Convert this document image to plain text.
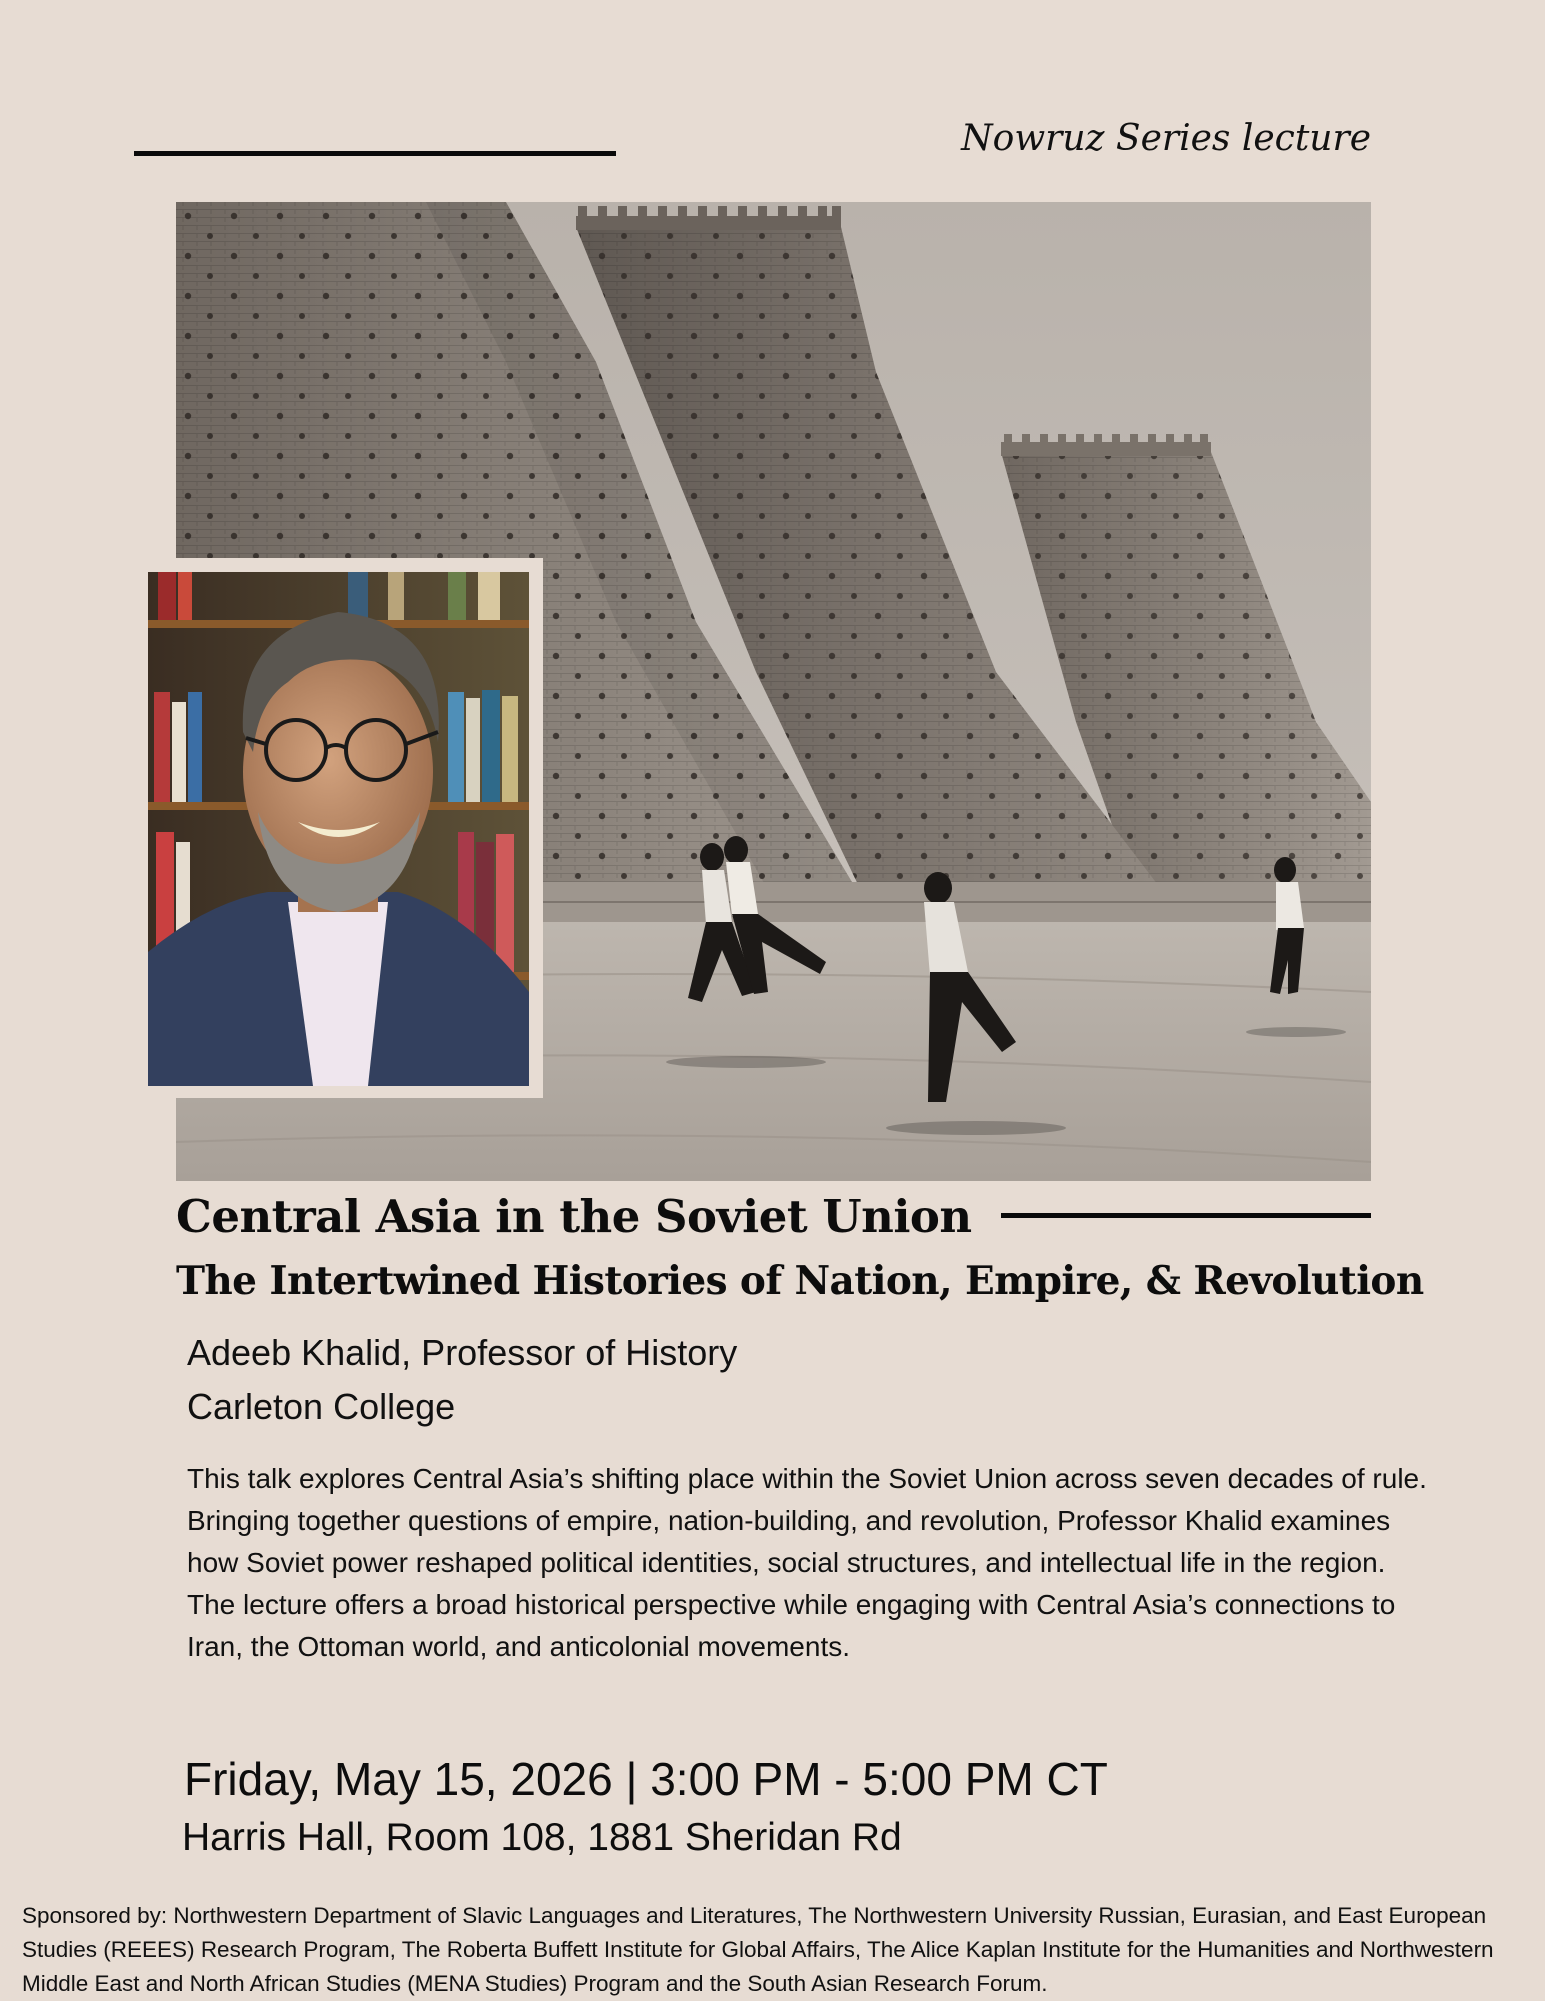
Nowruz Series lecture
Central Asia in the Soviet Union
The Intertwined Histories of Nation, Empire, & Revolution
Adeeb Khalid, Professor of History
Carleton College

This talk explores Central Asia’s shifting place within the Soviet Union across seven decades of rule. Bringing together questions of empire, nation-building, and revolution, Professor Khalid examines how Soviet power reshaped political identities, social structures, and intellectual life in the region.

The lecture offers a broad historical perspective while engaging with Central Asia’s connections to Iran, the Ottoman world, and anticolonial movements.

Friday, May 15, 2026 | 3:00 PM - 5:00 PM CT
Harris Hall, Room 108, 1881 Sheridan Rd
Sponsored by: Northwestern Department of Slavic Languages and Literatures, The Northwestern University Russian, Eurasian, and East European Studies (REEES) Research Program, The Roberta Buffett Institute for Global Affairs, The Alice Kaplan Institute for the Humanities and Northwestern Middle East and North African Studies (MENA Studies) Program and the South Asian Research Forum.
